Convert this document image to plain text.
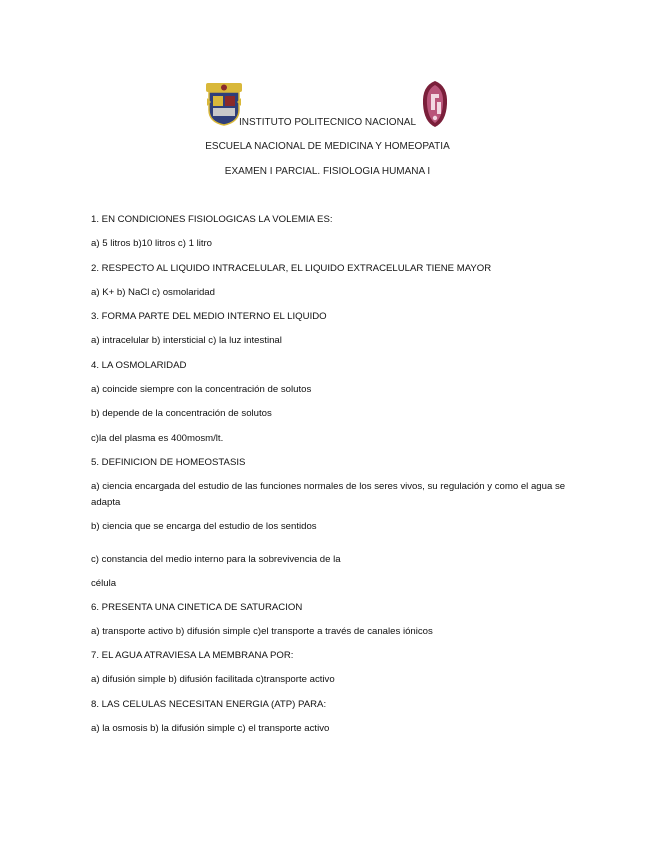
INSTITUTO POLITECNICO NACIONAL
ESCUELA NACIONAL DE MEDICINA Y HOMEOPATIA
EXAMEN I PARCIAL. FISIOLOGIA HUMANA I
1. EN CONDICIONES FISIOLOGICAS LA VOLEMIA ES:
a) 5 litros b)10 litros c) 1 litro
2. RESPECTO AL LIQUIDO INTRACELULAR, EL LIQUIDO EXTRACELULAR TIENE MAYOR
a) K+ b) NaCl c) osmolaridad
3. FORMA PARTE DEL MEDIO INTERNO EL LIQUIDO
a) intracelular b) intersticial c) la luz intestinal
4. LA OSMOLARIDAD
a) coincide siempre con la concentración de solutos
b) depende de la concentración de solutos
c)la del plasma es 400mosm/lt.
5. DEFINICION DE HOMEOSTASIS
a) ciencia encargada del estudio de las funciones normales de los seres vivos, su regulación y como el agua se adapta
b) ciencia que se encarga del estudio de los sentidos
c) constancia del medio interno para la sobrevivencia de la
célula
6. PRESENTA UNA CINETICA DE SATURACION
a) transporte activo b) difusión simple c)el transporte a través de canales iónicos
7. EL AGUA ATRAVIESA LA MEMBRANA POR:
a) difusión simple b) difusión facilitada c)transporte activo
8. LAS CELULAS NECESITAN ENERGIA (ATP) PARA:
a) la osmosis b) la difusión simple c) el transporte activo
